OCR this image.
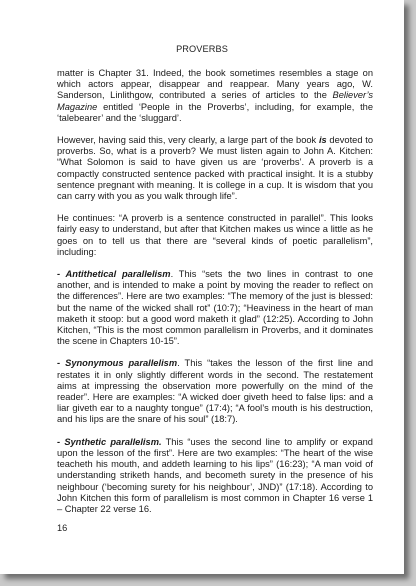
PROVERBS

matter is Chapter 31. Indeed, the book sometimes resembles a stage on which actors appear, disappear and reappear. Many years ago, W. Sanderson, Linlithgow, contributed a series of articles to the Believer’s Magazine entitled ‘People in the Proverbs’, including, for example, the ‘talebearer’ and the ‘sluggard’.

However, having said this, very clearly, a large part of the book is devoted to proverbs. So, what is a proverb? We must listen again to John A. Kitchen: “What Solomon is said to have given us are ‘proverbs’. A proverb is a compactly constructed sentence packed with practical insight. It is a stubby sentence pregnant with meaning. It is college in a cup. It is wisdom that you can carry with you as you walk through life”.

He continues: “A proverb is a sentence constructed in parallel”. This looks fairly easy to understand, but after that Kitchen makes us wince a little as he goes on to tell us that there are “several kinds of poetic parallelism”, including:

- Antithetical parallelism. This “sets the two lines in contrast to one another, and is intended to make a point by moving the reader to reflect on the differences”. Here are two examples: “The memory of the just is blessed: but the name of the wicked shall rot” (10:7); “Heaviness in the heart of man maketh it stoop: but a good word maketh it glad” (12:25). According to John Kitchen, “This is the most common parallelism in Proverbs, and it dominates the scene in Chapters 10-15”.

- Synonymous parallelism. This “takes the lesson of the first line and restates it in only slightly different words in the second. The restatement aims at impressing the observation more powerfully on the mind of the reader”. Here are examples: “A wicked doer giveth heed to false lips: and a liar giveth ear to a naughty tongue” (17:4); “A fool’s mouth is his destruction, and his lips are the snare of his soul” (18:7).

- Synthetic parallelism. This “uses the second line to amplify or expand upon the lesson of the first”. Here are two examples: “The heart of the wise teacheth his mouth, and addeth learning to his lips” (16:23); “A man void of understanding striketh hands, and becometh surety in the presence of his neighbour (‘becoming surety for his neighbour’, JND)” (17:18). According to John Kitchen this form of parallelism is most common in Chapter 16 verse 1 – Chapter 22 verse 16.

16
